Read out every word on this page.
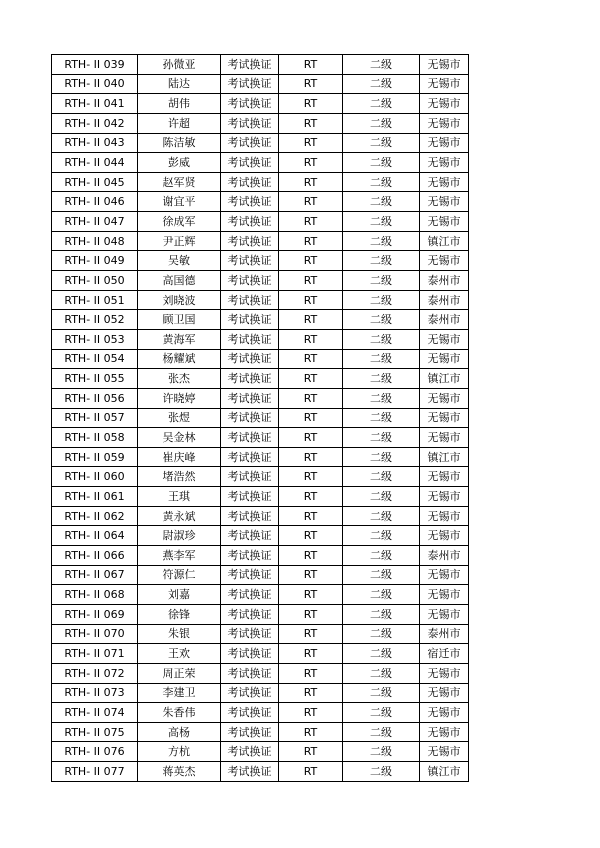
RTH- II 039	孙微亚	考试换证	RT	二级	无锡市
RTH- II 040	陆达	考试换证	RT	二级	无锡市
RTH- II 041	胡伟	考试换证	RT	二级	无锡市
RTH- II 042	许超	考试换证	RT	二级	无锡市
RTH- II 043	陈洁敏	考试换证	RT	二级	无锡市
RTH- II 044	彭威	考试换证	RT	二级	无锡市
RTH- II 045	赵军贤	考试换证	RT	二级	无锡市
RTH- II 046	谢宜平	考试换证	RT	二级	无锡市
RTH- II 047	徐成军	考试换证	RT	二级	无锡市
RTH- II 048	尹正辉	考试换证	RT	二级	镇江市
RTH- II 049	吴敏	考试换证	RT	二级	无锡市
RTH- II 050	高国德	考试换证	RT	二级	泰州市
RTH- II 051	刘晓波	考试换证	RT	二级	泰州市
RTH- II 052	顾卫国	考试换证	RT	二级	泰州市
RTH- II 053	黄海军	考试换证	RT	二级	无锡市
RTH- II 054	杨耀斌	考试换证	RT	二级	无锡市
RTH- II 055	张杰	考试换证	RT	二级	镇江市
RTH- II 056	许晓婷	考试换证	RT	二级	无锡市
RTH- II 057	张煜	考试换证	RT	二级	无锡市
RTH- II 058	吴金林	考试换证	RT	二级	无锡市
RTH- II 059	崔庆峰	考试换证	RT	二级	镇江市
RTH- II 060	堵浩然	考试换证	RT	二级	无锡市
RTH- II 061	王琪	考试换证	RT	二级	无锡市
RTH- II 062	黄永斌	考试换证	RT	二级	无锡市
RTH- II 064	尉淑珍	考试换证	RT	二级	无锡市
RTH- II 066	燕李军	考试换证	RT	二级	泰州市
RTH- II 067	符源仁	考试换证	RT	二级	无锡市
RTH- II 068	刘嘉	考试换证	RT	二级	无锡市
RTH- II 069	徐锋	考试换证	RT	二级	无锡市
RTH- II 070	朱银	考试换证	RT	二级	泰州市
RTH- II 071	王欢	考试换证	RT	二级	宿迁市
RTH- II 072	周正荣	考试换证	RT	二级	无锡市
RTH- II 073	李建卫	考试换证	RT	二级	无锡市
RTH- II 074	朱香伟	考试换证	RT	二级	无锡市
RTH- II 075	高杨	考试换证	RT	二级	无锡市
RTH- II 076	方杭	考试换证	RT	二级	无锡市
RTH- II 077	蒋英杰	考试换证	RT	二级	镇江市
